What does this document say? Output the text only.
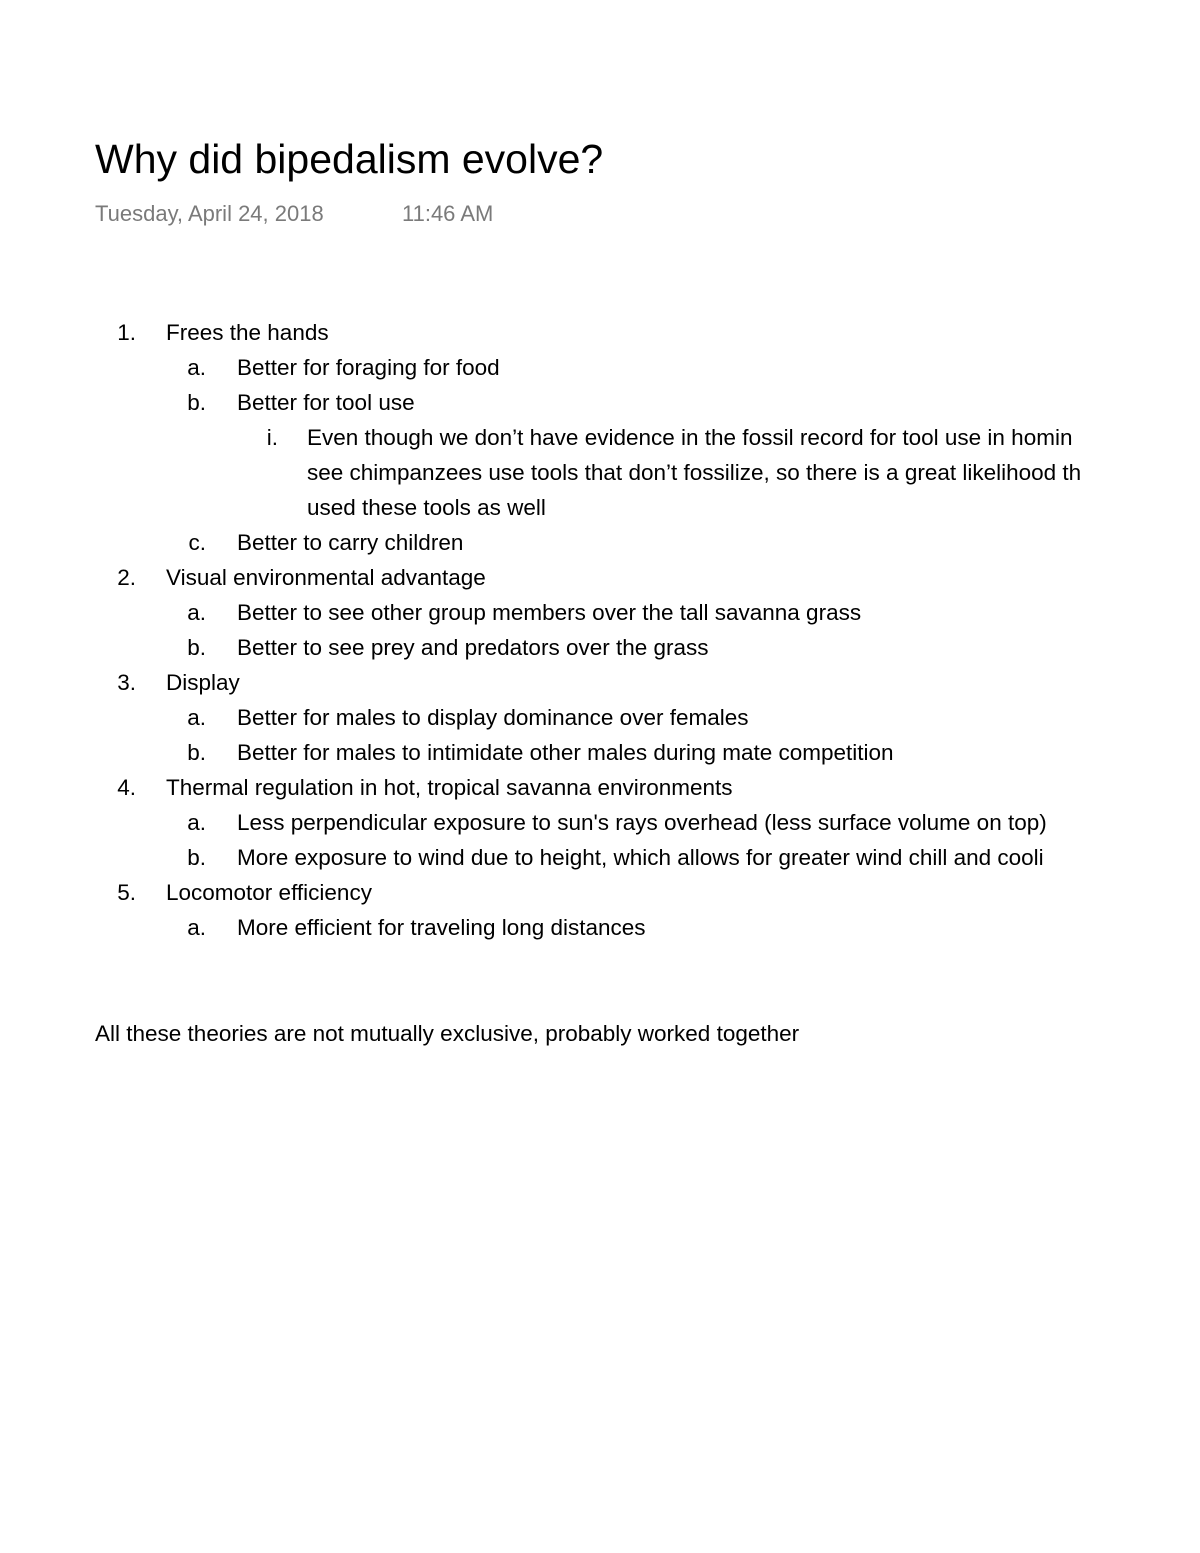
Why did bipedalism evolve?
Tuesday, April 24, 2018	11:46 AM
1. Frees the hands
a. Better for foraging for food
b. Better for tool use
i. Even though we don’t have evidence in the fossil record for tool use in homin
see chimpanzees use tools that don’t fossilize, so there is a great likelihood th
used these tools as well
c. Better to carry children
2. Visual environmental advantage
a. Better to see other group members over the tall savanna grass
b. Better to see prey and predators over the grass
3. Display
a. Better for males to display dominance over females
b. Better for males to intimidate other males during mate competition
4. Thermal regulation in hot, tropical savanna environments
a. Less perpendicular exposure to sun's rays overhead (less surface volume on top)
b. More exposure to wind due to height, which allows for greater wind chill and cooli
5. Locomotor efficiency
a. More efficient for traveling long distances
All these theories are not mutually exclusive, probably worked together
